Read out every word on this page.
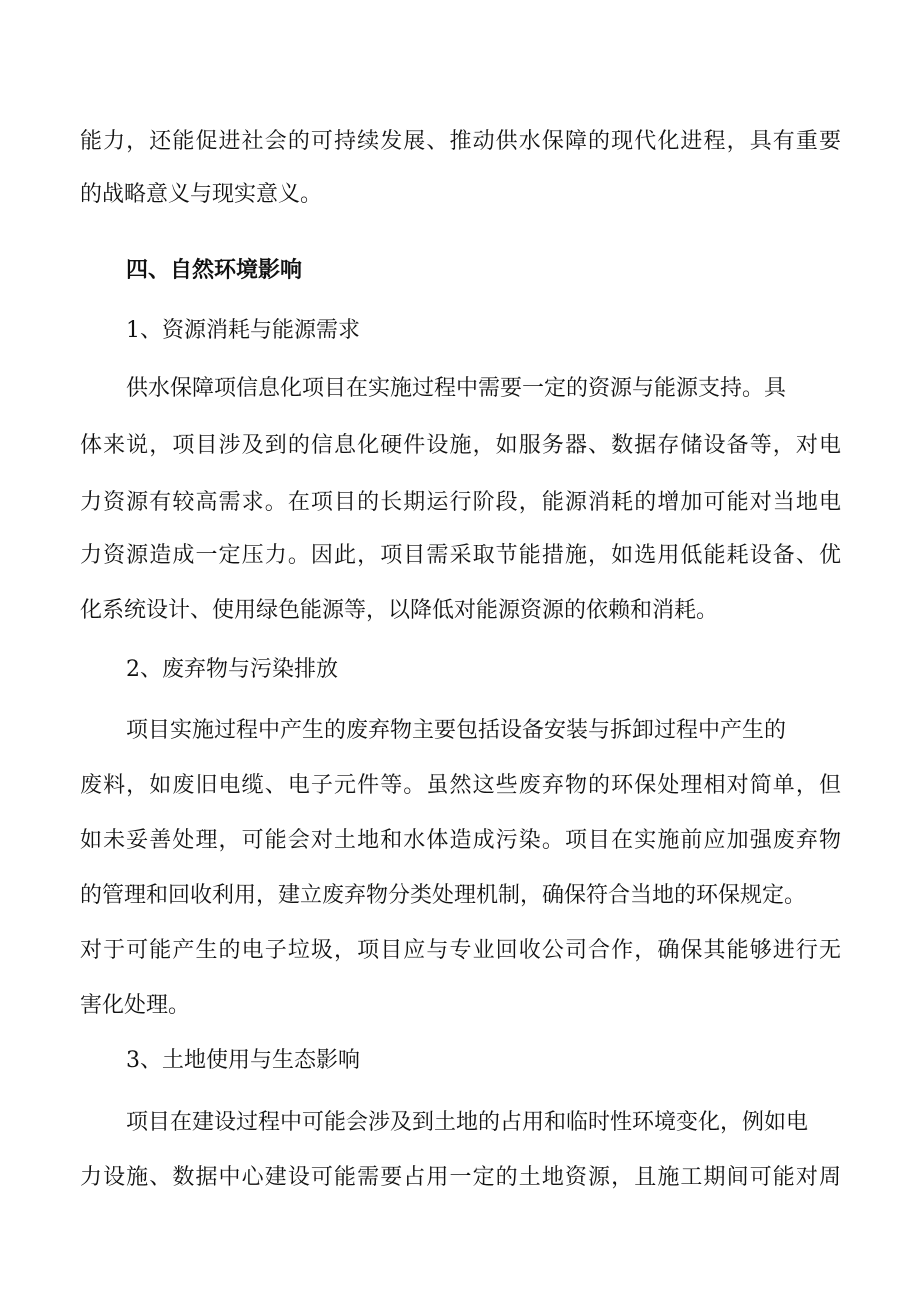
能力，还能促进社会的可持续发展、推动供水保障的现代化进程，具有重要
的战略意义与现实意义。
四、自然环境影响
1、资源消耗与能源需求
供水保障项信息化项目在实施过程中需要一定的资源与能源支持。具
体来说，项目涉及到的信息化硬件设施，如服务器、数据存储设备等，对电
力资源有较高需求。在项目的长期运行阶段，能源消耗的增加可能对当地电
力资源造成一定压力。因此，项目需采取节能措施，如选用低能耗设备、优
化系统设计、使用绿色能源等，以降低对能源资源的依赖和消耗。
2、废弃物与污染排放
项目实施过程中产生的废弃物主要包括设备安装与拆卸过程中产生的
废料，如废旧电缆、电子元件等。虽然这些废弃物的环保处理相对简单，但
如未妥善处理，可能会对土地和水体造成污染。项目在实施前应加强废弃物
的管理和回收利用，建立废弃物分类处理机制，确保符合当地的环保规定。
对于可能产生的电子垃圾，项目应与专业回收公司合作，确保其能够进行无
害化处理。
3、土地使用与生态影响
项目在建设过程中可能会涉及到土地的占用和临时性环境变化，例如电
力设施、数据中心建设可能需要占用一定的土地资源，且施工期间可能对周
